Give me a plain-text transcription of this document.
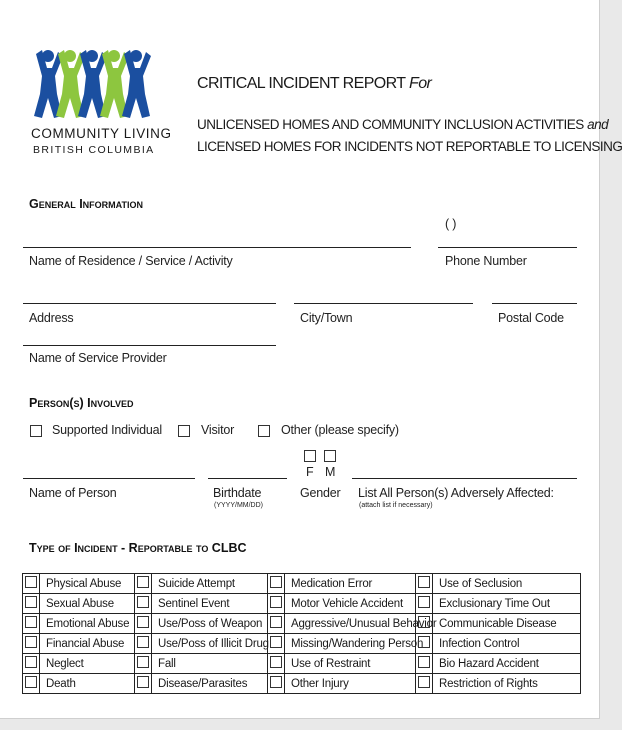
COMMUNITY LIVING
BRITISH COLUMBIA
CRITICAL INCIDENT REPORT For
UNLICENSED HOMES AND COMMUNITY INCLUSION ACTIVITIES and
LICENSED HOMES FOR INCIDENTS NOT REPORTABLE TO LICENSING
General Information
( )
Name of Residence / Service / Activity	Phone Number
Address	City/Town	Postal Code
Name of Service Provider
Person(s) Involved
Supported Individual	Visitor	Other (please specify)
F M
Name of Person	Birthdate
(YYYY/MM/DD)
Gender List All Person(s) Adversely Affected:
(attach list if necessary)
Type of Incident - Reportable to CLBC
	Physical Abuse		Suicide Attempt		Medication Error		Use of Seclusion
	Sexual Abuse		Sentinel Event		Motor Vehicle Accident		Exclusionary Time Out
	Emotional Abuse		Use/Poss of Weapon		Aggressive/Unusual Behavior		Communicable Disease
	Financial Abuse		Use/Poss of Illicit Drug		Missing/Wandering Person		Infection Control
	Neglect		Fall		Use of Restraint		Bio Hazard Accident
	Death		Disease/Parasites		Other Injury		Restriction of Rights
